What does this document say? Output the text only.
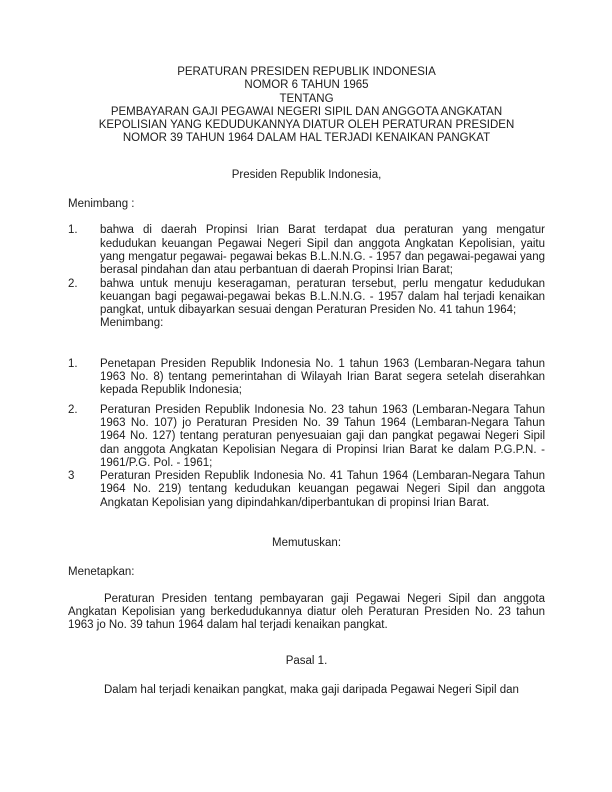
PERATURAN PRESIDEN REPUBLIK INDONESIA
NOMOR 6 TAHUN 1965
TENTANG
PEMBAYARAN GAJI PEGAWAI NEGERI SIPIL DAN ANGGOTA ANGKATAN
KEPOLISIAN YANG KEDUDUKANNYA DIATUR OLEH PERATURAN PRESIDEN
NOMOR 39 TAHUN 1964 DALAM HAL TERJADI KENAIKAN PANGKAT
Presiden Republik Indonesia,
Menimbang :
1.	bahwa di daerah Propinsi Irian Barat terdapat dua peraturan yang mengatur kedudukan keuangan Pegawai Negeri Sipil dan anggota Angkatan Kepolisian, yaitu yang mengatur pegawai- pegawai bekas B.L.N.N.G. - 1957 dan pegawai-pegawai yang berasal pindahan dan atau perbantuan di daerah Propinsi Irian Barat;
2.	bahwa untuk menuju keseragaman, peraturan tersebut, perlu mengatur kedudukan keuangan bagi pegawai-pegawai bekas B.L.N.N.G. - 1957 dalam hal terjadi kenaikan pangkat, untuk dibayarkan sesuai dengan Peraturan Presiden No. 41 tahun 1964;
Menimbang:
1.	Penetapan Presiden Republik Indonesia No. 1 tahun 1963 (Lembaran-Negara tahun 1963 No. 8) tentang pemerintahan di Wilayah Irian Barat segera setelah diserahkan kepada Republik Indonesia;
2.	Peraturan Presiden Republik Indonesia No. 23 tahun 1963 (Lembaran-Negara Tahun 1963 No. 107) jo Peraturan Presiden No. 39 Tahun 1964 (Lembaran-Negara Tahun 1964 No. 127) tentang peraturan penyesuaian gaji dan pangkat pegawai Negeri Sipil dan anggota Angkatan Kepolisian Negara di Propinsi Irian Barat ke dalam P.G.P.N. - 1961/P.G. Pol. - 1961;
3	Peraturan Presiden Republik Indonesia No. 41 Tahun 1964 (Lembaran-Negara Tahun 1964 No. 219) tentang kedudukan keuangan pegawai Negeri Sipil dan anggota Angkatan Kepolisian yang dipindahkan/diperbantukan di propinsi Irian Barat.
Memutuskan:
Menetapkan:

Peraturan Presiden tentang pembayaran gaji Pegawai Negeri Sipil dan anggota Angkatan Kepolisian yang berkedudukannya diatur oleh Peraturan Presiden No. 23 tahun 1963 jo No. 39 tahun 1964 dalam hal terjadi kenaikan pangkat.

Pasal 1.

Dalam hal terjadi kenaikan pangkat, maka gaji daripada Pegawai Negeri Sipil dan
